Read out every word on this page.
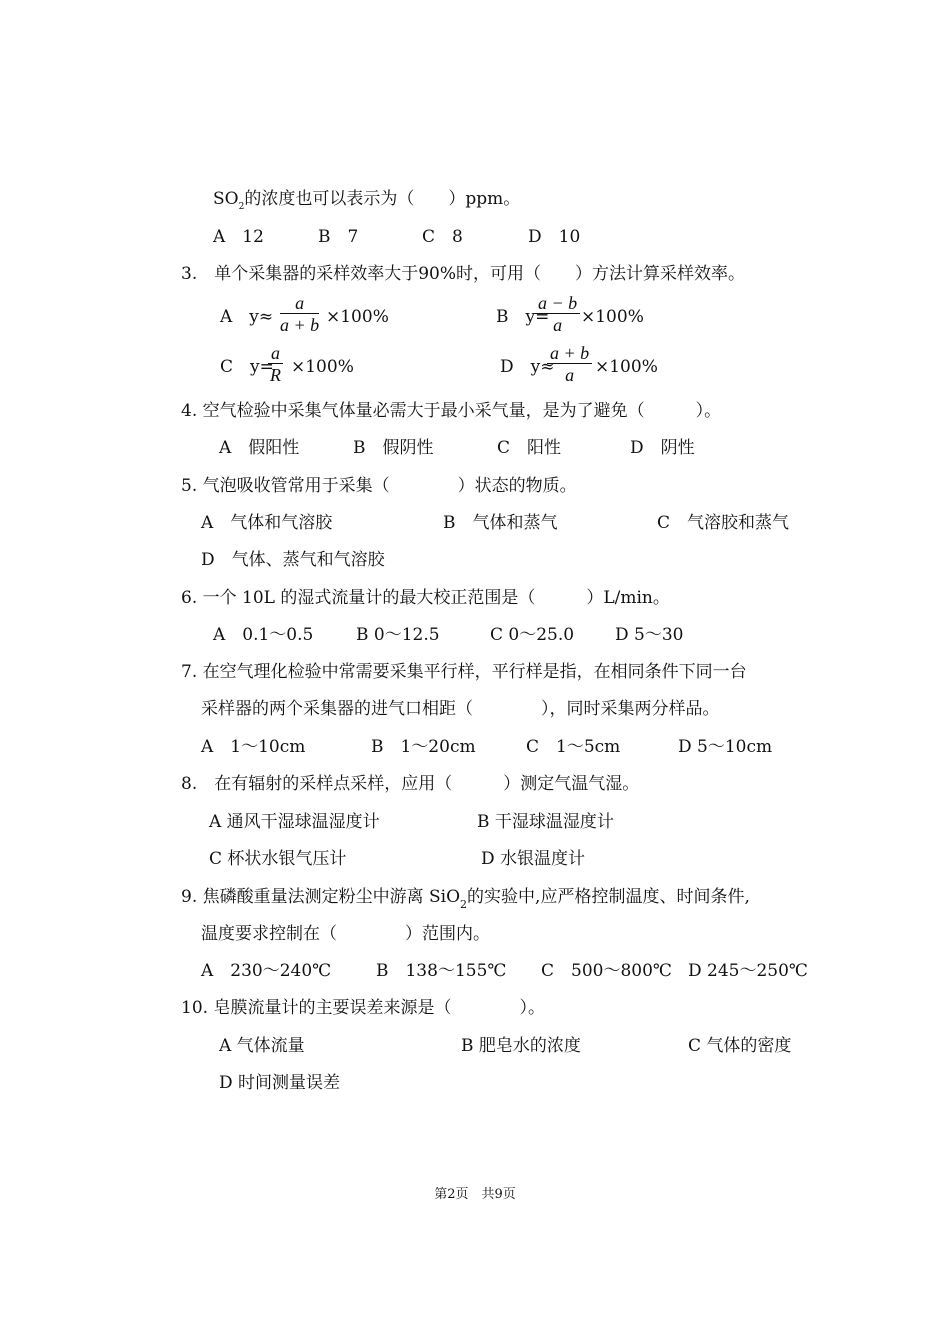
$SO_2$的浓度也可以表示为（　　）ppm。
A　12	B　7	C　8	D　10
3.　单个采集器的采样效率大于90%时，可用（　　）方法计算采样效率。
A　$y\approx \frac{a}{a + b} \times 100\%$	B　y=
$\frac{a - b}{a} \times 100\%$
C　y=
$\frac{a}{R} \times 100\%$	D　y≈
$\frac{a + b}{a} \times 100\%$
4. 空气检验中采集气体量必需大于最小采气量，是为了避免（　　　）。
A　假阳性	B　假阴性	C　阳性	D　阴性
5. 气泡吸收管常用于采集（　　　　）状态的物质。
A　气体和气溶胶	B　气体和蒸气	C　气溶胶和蒸气
D　气体、蒸气和气溶胶
6. 一个 10L 的湿式流量计的最大校正范围是（　　　）L/min。
A　0.1～0.5	B 0～12.5	C 0～25.0 D 5～30
7. 在空气理化检验中常需要采集平行样，平行样是指，在相同条件下同一台
采样器的两个采集器的进气口相距（　　　　），同时采集两分样品。
A　1～10cm	B　1～20cm	C　1～5cm	D 5～10cm
8.　在有辐射的采样点采样，应用（　　　）测定气温气湿。
A 通风干湿球温湿度计	B 干湿球温湿度计
C 杯状水银气压计	D 水银温度计
9. 焦磷酸重量法测定粉尘中游离 SiO$_2$的实验中,应严格控制温度、时间条件,
温度要求控制在（　　　　）范围内。
A　230～240℃	B　138～155℃ C　500～800℃ D 245～250℃
10. 皂膜流量计的主要误差来源是（　　　　）。
A 气体流量	B 肥皂水的浓度	C 气体的密度
D 时间测量误差
第2页　共9页
